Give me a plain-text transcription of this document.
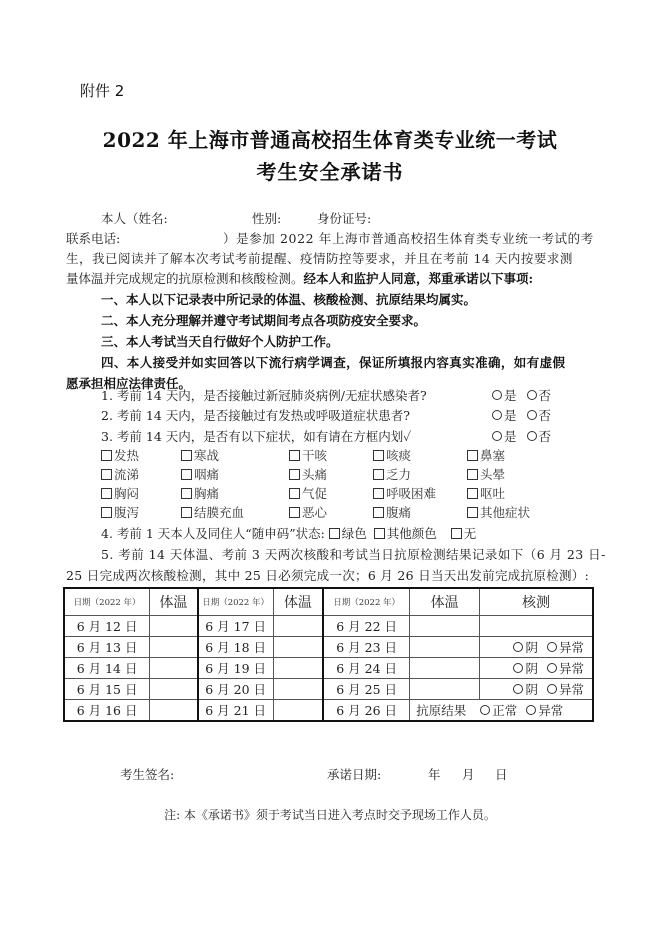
附件 2
2022 年上海市普通高校招生体育类专业统一考试
考生安全承诺书
本人（姓名:	性别:	身份证号:
联系电话:	）是参加 2022 年上海市普通高校招生体育类专业统一考试的考
生，我已阅读并了解本次考试考前提醒、疫情防控等要求，并且在考前 14 天内按要求测
量体温并完成规定的抗原检测和核酸检测。经本人和监护人同意，郑重承诺以下事项:
一、本人以下记录表中所记录的体温、核酸检测、抗原结果均属实。
二、本人充分理解并遵守考试期间考点各项防疫安全要求。
三、本人考试当天自行做好个人防护工作。
四、本人接受并如实回答以下流行病学调查，保证所填报内容真实准确，如有虚假
愿承担相应法律责任。
1. 考前 14 天内，是否接触过新冠肺炎病例/无症状感染者?	是 否
2. 考前 14 天内，是否接触过有发热或呼吸道症状患者?	是 否
3. 考前 14 天内，是否有以下症状，如有请在方框内划✓	是 否
发热	寒战	干咳	咳痰	鼻塞
流涕	咽痛	头痛	乏力	头晕
胸闷	胸痛	气促	呼吸困难	呕吐
腹泻	结膜充血	恶心	腹痛	其他症状
4. 考前 1 天本人及同住人“随申码”状态: 绿色 其他颜色 无
5. 考前 14 天体温、考前 3 天两次核酸和考试当日抗原检测结果记录如下（6 月 23 日-
25 日完成两次核酸检测，其中 25 日必须完成一次；6 月 26 日当天出发前完成抗原检测）:
日期（2022 年）	体温	日期（2022 年）	体温	日期（2022 年）	体温	核测
6 月 12 日		6 月 17 日		6 月 22 日		
6 月 13 日		6 月 18 日		6 月 23 日		阴 异常
6 月 14 日		6 月 19 日		6 月 24 日		阴 异常
6 月 15 日		6 月 20 日		6 月 25 日		阴 异常
6 月 16 日		6 月 21 日		6 月 26 日	抗原结果 正常 异常	
考生签名:	承诺日期:	年 月 日
注: 本《承诺书》须于考试当日进入考点时交予现场工作人员。
